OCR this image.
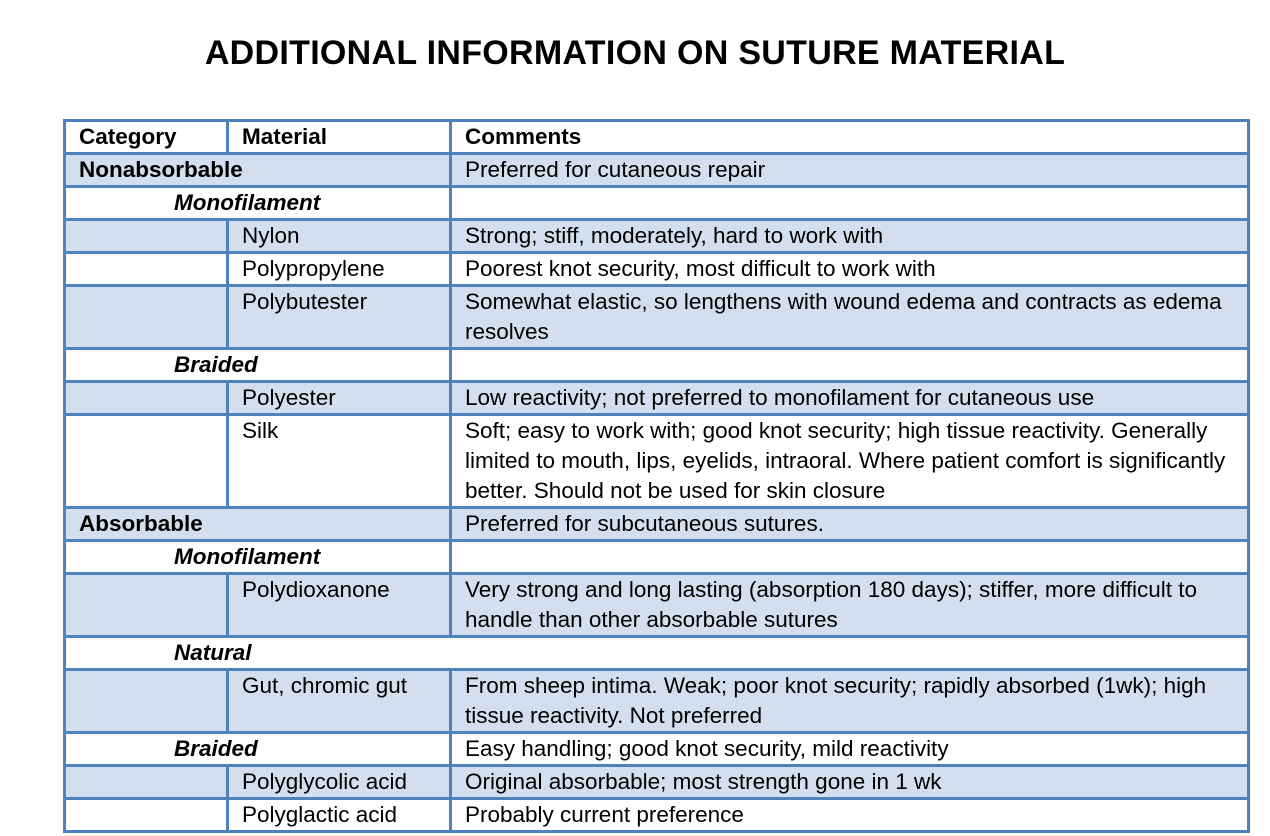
ADDITIONAL INFORMATION ON SUTURE MATERIAL
Category	Material	Comments
Nonabsorbable		Preferred for cutaneous repair
Monofilament		
	Nylon	Strong; stiff, moderately, hard to work with
	Polypropylene	Poorest knot security, most difficult to work with
	Polybutester	Somewhat elastic, so lengthens with wound edema and contracts as edema resolves
Braided		
	Polyester	Low reactivity; not preferred to monofilament for cutaneous use
	Silk	Soft; easy to work with; good knot security; high tissue reactivity. Generally limited to mouth, lips, eyelids, intraoral. Where patient comfort is significantly better. Should not be used for skin closure
Absorbable		Preferred for subcutaneous sutures.
Monofilament		
	Polydioxanone	Very strong and long lasting (absorption 180 days); stiffer, more difficult to handle than other absorbable sutures
Natural		
	Gut, chromic gut	From sheep intima. Weak; poor knot security; rapidly absorbed (1wk); high tissue reactivity. Not preferred
Braided		Easy handling; good knot security, mild reactivity
	Polyglycolic acid	Original absorbable; most strength gone in 1 wk
	Polyglactic acid	Probably current preference
